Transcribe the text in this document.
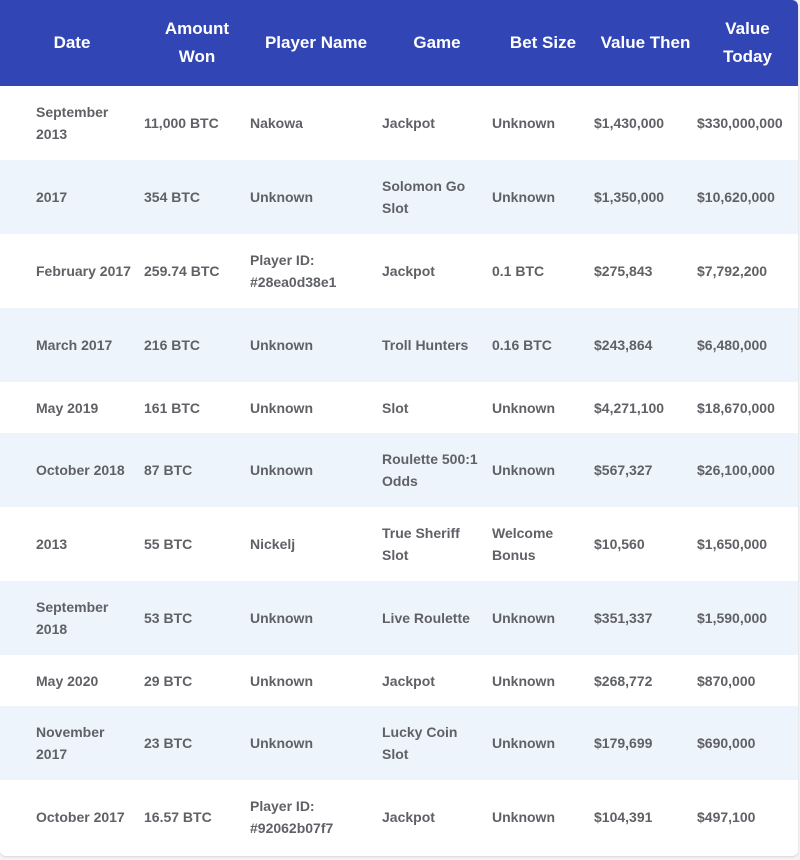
Date	Amount Won	Player Name	Game	Bet Size	Value Then	Value Today
September 2013	11,000 BTC	Nakowa	Jackpot	Unknown	$1,430,000	$330,000,000
2017	354 BTC	Unknown	Solomon Go Slot	Unknown	$1,350,000	$10,620,000
February 2017	259.74 BTC	Player ID: #28ea0d38e1	Jackpot	0.1 BTC	$275,843	$7,792,200
March 2017	216 BTC	Unknown	Troll Hunters	0.16 BTC	$243,864	$6,480,000
May 2019	161 BTC	Unknown	Slot	Unknown	$4,271,100	$18,670,000
October 2018	87 BTC	Unknown	Roulette 500:1 Odds	Unknown	$567,327	$26,100,000
2013	55 BTC	Nickelj	True Sheriff Slot	Welcome Bonus	$10,560	$1,650,000
September 2018	53 BTC	Unknown	Live Roulette	Unknown	$351,337	$1,590,000
May 2020	29 BTC	Unknown	Jackpot	Unknown	$268,772	$870,000
November 2017	23 BTC	Unknown	Lucky Coin Slot	Unknown	$179,699	$690,000
October 2017	16.57 BTC	Player ID: #92062b07f7	Jackpot	Unknown	$104,391	$497,100
